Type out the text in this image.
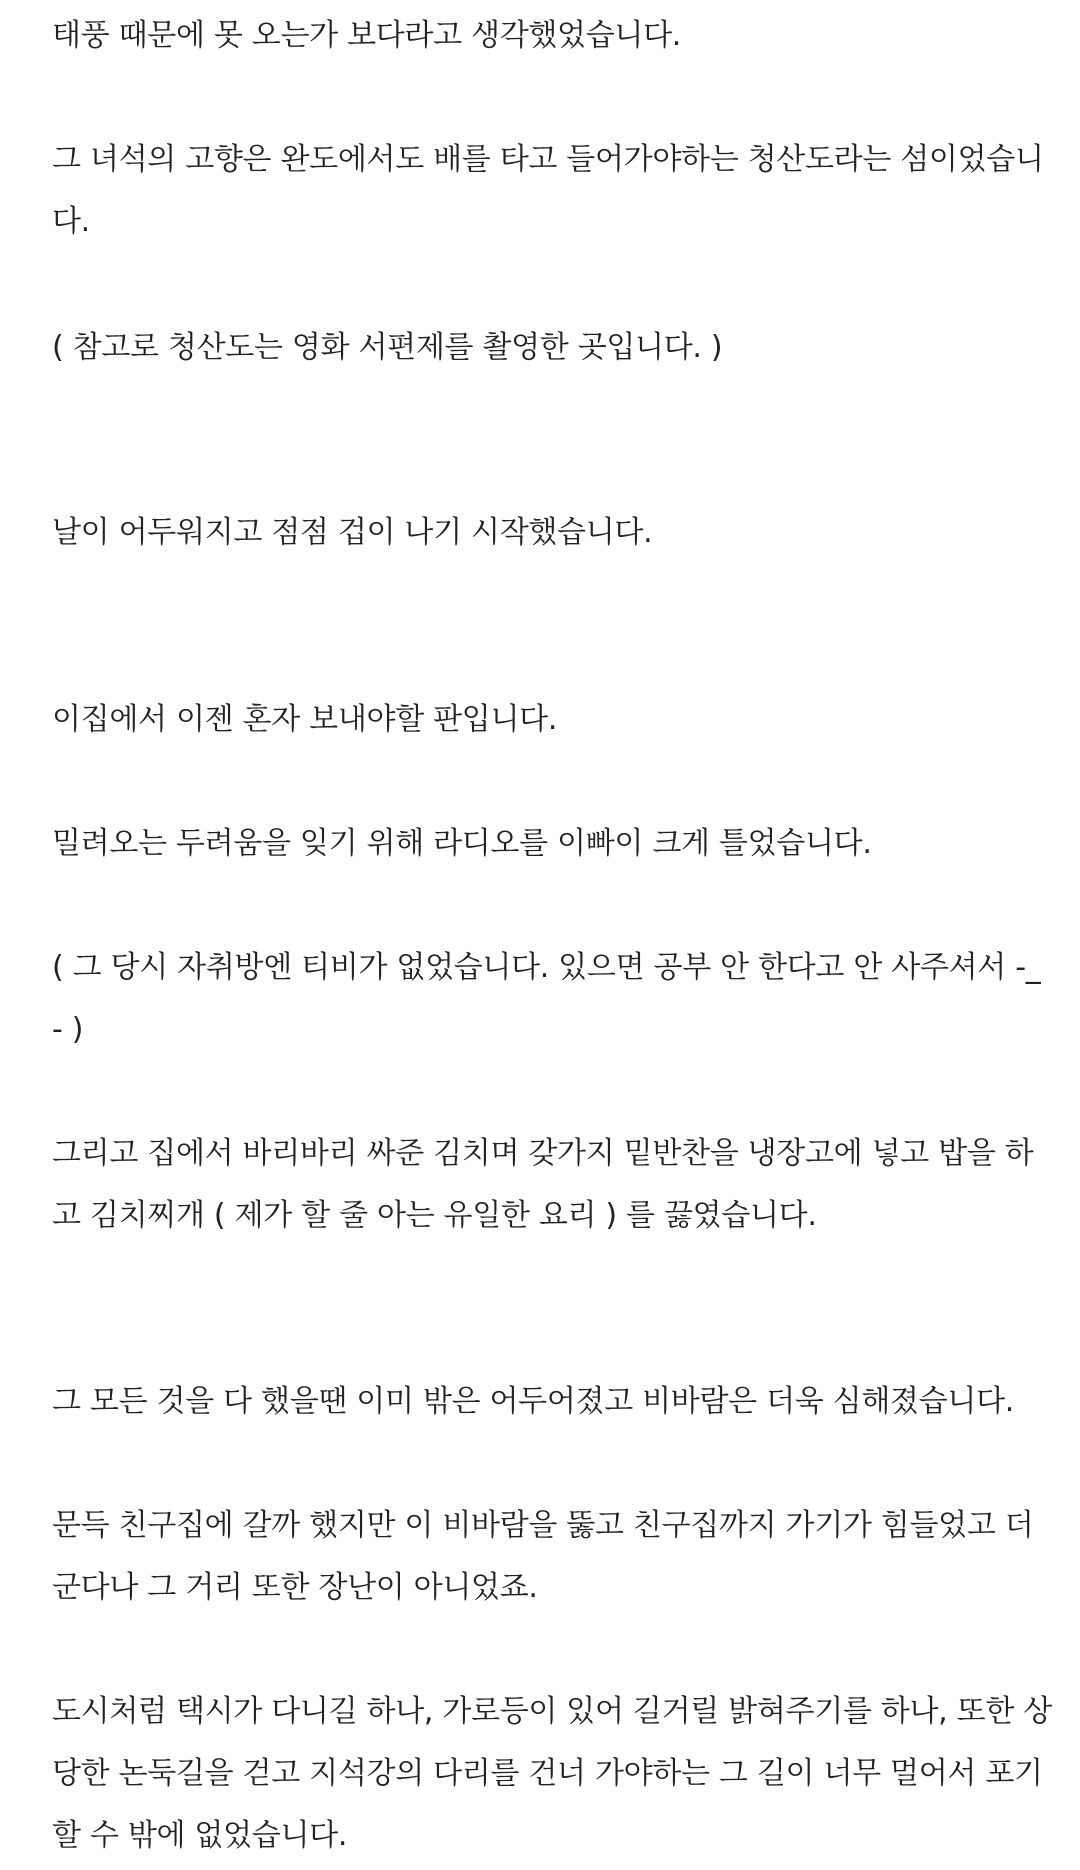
태풍 때문에 못 오는가 보다라고 생각했었습니다.
그 녀석의 고향은 완도에서도 배를 타고 들어가야하는 청산도라는 섬이었습니
다.
( 참고로 청산도는 영화 서편제를 촬영한 곳입니다. )
날이 어두워지고 점점 겁이 나기 시작했습니다.
이집에서 이젠 혼자 보내야할 판입니다.
밀려오는 두려움을 잊기 위해 라디오를 이빠이 크게 틀었습니다.
( 그 당시 자취방엔 티비가 없었습니다. 있으면 공부 안 한다고 안 사주셔서 -_
- )
그리고 집에서 바리바리 싸준 김치며 갖가지 밑반찬을 냉장고에 넣고 밥을 하
고 김치찌개 ( 제가 할 줄 아는 유일한 요리 ) 를 끓였습니다.
그 모든 것을 다 했을땐 이미 밖은 어두어졌고 비바람은 더욱 심해졌습니다.
문득 친구집에 갈까 했지만 이 비바람을 뚫고 친구집까지 가기가 힘들었고 더
군다나 그 거리 또한 장난이 아니었죠.
도시처럼 택시가 다니길 하나, 가로등이 있어 길거릴 밝혀주기를 하나, 또한 상
당한 논둑길을 걷고 지석강의 다리를 건너 가야하는 그 길이 너무 멀어서 포기
할 수 밖에 없었습니다.
